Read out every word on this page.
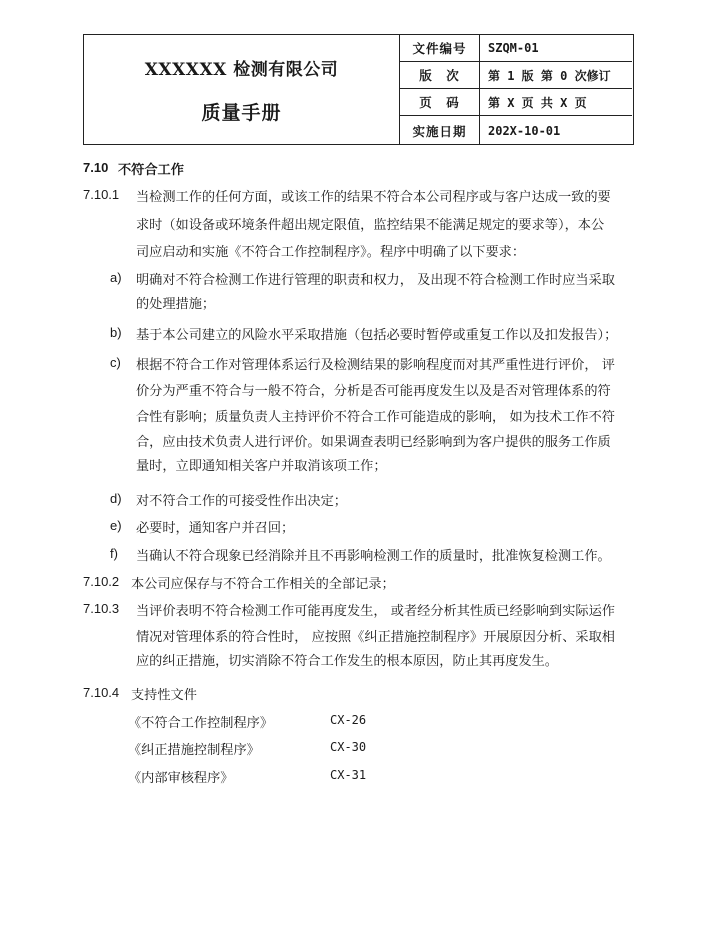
XXXXXX 检测有限公司
质量手册
文件编号	SZQM-01
版　次	第 1 版 第 0 次修订
页　码	第 X 页 共 X 页
实施日期	202X-10-01
7.10 不符合工作
7.10.1 当检测工作的任何方面，或该工作的结果不符合本公司程序或与客户达成一致的要
求时（如设备或环境条件超出规定限值，监控结果不能满足规定的要求等），本公
司应启动和实施《不符合工作控制程序》。程序中明确了以下要求：
a) 明确对不符合检测工作进行管理的职责和权力， 及出现不符合检测工作时应当采取
的处理措施；
b) 基于本公司建立的风险水平采取措施（包括必要时暂停或重复工作以及扣发报告）；
c) 根据不符合工作对管理体系运行及检测结果的影响程度而对其严重性进行评价， 评
价分为严重不符合与一般不符合，分析是否可能再度发生以及是否对管理体系的符
合性有影响；质量负责人主持评价不符合工作可能造成的影响， 如为技术工作不符
合，应由技术负责人进行评价。如果调查表明已经影响到为客户提供的服务工作质
量时，立即通知相关客户并取消该项工作；
d) 对不符合工作的可接受性作出决定；
e) 必要时，通知客户并召回；
f) 当确认不符合现象已经消除并且不再影响检测工作的质量时，批准恢复检测工作。
7.10.2 本公司应保存与不符合工作相关的全部记录；
7.10.3 当评价表明不符合检测工作可能再度发生， 或者经分析其性质已经影响到实际运作
情况对管理体系的符合性时， 应按照《纠正措施控制程序》开展原因分析、采取相
应的纠正措施，切实消除不符合工作发生的根本原因，防止其再度发生。
7.10.4 支持性文件
《不符合工作控制程序》	CX-26
《纠正措施控制程序》	CX-30
《内部审核程序》	CX-31
